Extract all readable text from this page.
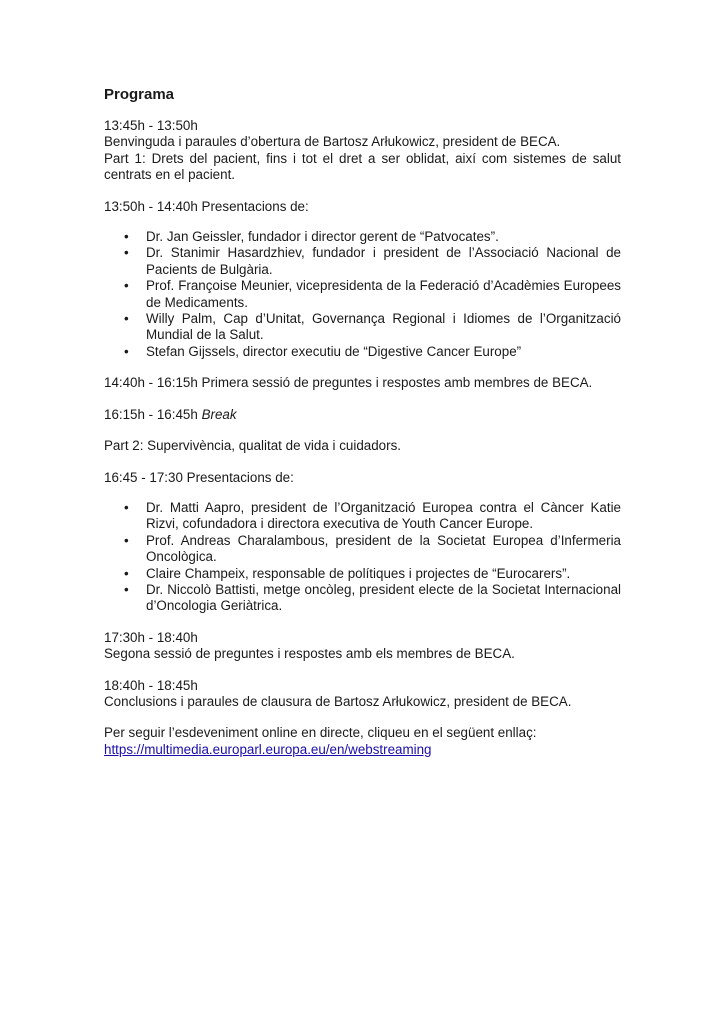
Programa

13:45h - 13:50h
Benvinguda i paraules d’obertura de Bartosz Arłukowicz, president de BECA.
Part 1: Drets del pacient, fins i tot el dret a ser oblidat, així com sistemes de salut centrats en el pacient.

13:50h - 14:40h Presentacions de:

• Dr. Jan Geissler, fundador i director gerent de “Patvocates”.
• Dr. Stanimir Hasardzhiev, fundador i president de l’Associació Nacional de Pacients de Bulgària.
• Prof. Françoise Meunier, vicepresidenta de la Federació d’Acadèmies Europees de Medicaments.
• Willy Palm, Cap d’Unitat, Governança Regional i Idiomes de l’Organització Mundial de la Salut.
• Stefan Gijssels, director executiu de “Digestive Cancer Europe”

14:40h - 16:15h Primera sessió de preguntes i respostes amb membres de BECA.

16:15h - 16:45h Break

Part 2: Supervivència, qualitat de vida i cuidadors.

16:45 - 17:30 Presentacions de:

• Dr. Matti Aapro, president de l’Organització Europea contra el Càncer Katie Rizvi, cofundadora i directora executiva de Youth Cancer Europe.
• Prof. Andreas Charalambous, president de la Societat Europea d’Infermeria Oncològica.
• Claire Champeix, responsable de polítiques i projectes de “Eurocarers”.
• Dr. Niccolò Battisti, metge oncòleg, president electe de la Societat Internacional d’Oncologia Geriàtrica.

17:30h - 18:40h
Segona sessió de preguntes i respostes amb els membres de BECA.

18:40h - 18:45h
Conclusions i paraules de clausura de Bartosz Arłukowicz, president de BECA.

Per seguir l’esdeveniment online en directe, cliqueu en el següent enllaç:
https://multimedia.europarl.europa.eu/en/webstreaming
